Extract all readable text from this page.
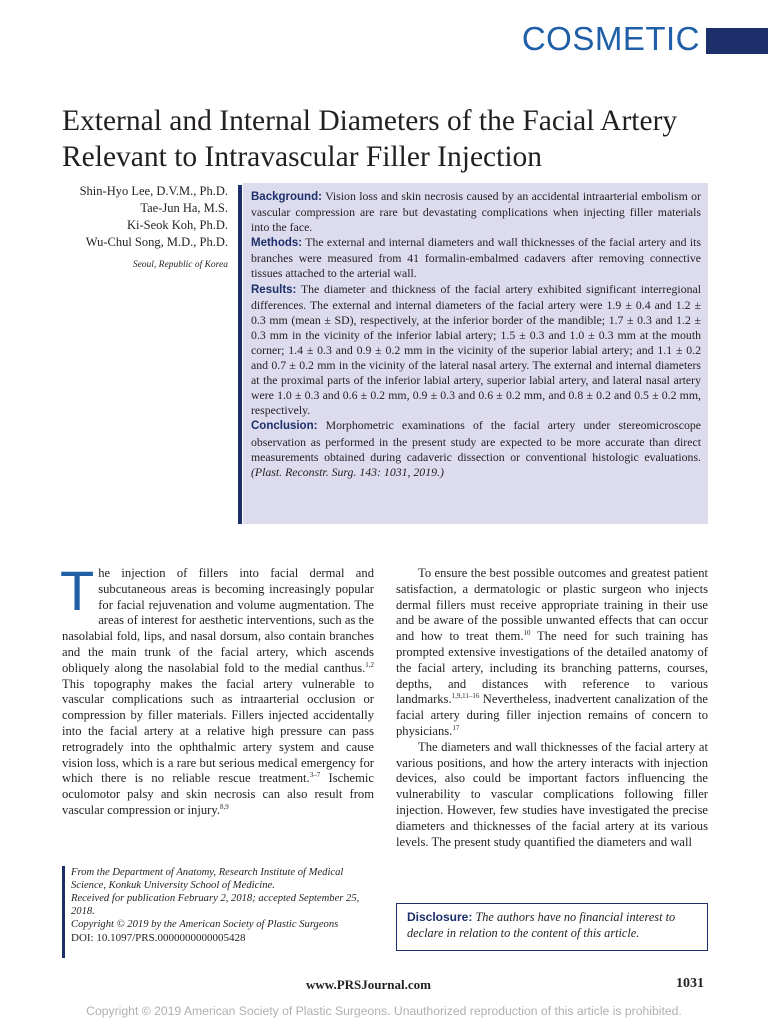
COSMETIC
External and Internal Diameters of the Facial Artery Relevant to Intravascular Filler Injection
Shin-Hyo Lee, D.V.M., Ph.D.
Tae-Jun Ha, M.S.
Ki-Seok Koh, Ph.D.
Wu-Chul Song, M.D., Ph.D.
Seoul, Republic of Korea

Background: Vision loss and skin necrosis caused by an accidental intraarterial embolism or vascular compression are rare but devastating complications when injecting filler materials into the face.

Methods: The external and internal diameters and wall thicknesses of the facial artery and its branches were measured from 41 formalin-embalmed cadavers after removing connective tissues attached to the arterial wall.

Results: The diameter and thickness of the facial artery exhibited significant interregional differences. The external and internal diameters of the facial artery were 1.9 ± 0.4 and 1.2 ± 0.3 mm (mean ± SD), respectively, at the inferior border of the mandible; 1.7 ± 0.3 and 1.2 ± 0.3 mm in the vicinity of the inferior labial artery; 1.5 ± 0.3 and 1.0 ± 0.3 mm at the mouth corner; 1.4 ± 0.3 and 0.9 ± 0.2 mm in the vicinity of the superior labial artery; and 1.1 ± 0.2 and 0.7 ± 0.2 mm in the vicinity of the lateral nasal artery. The external and internal diameters at the proximal parts of the inferior labial artery, superior labial artery, and lateral nasal artery were 1.0 ± 0.3 and 0.6 ± 0.2 mm, 0.9 ± 0.3 and 0.6 ± 0.2 mm, and 0.8 ± 0.2 and 0.5 ± 0.2 mm, respectively.

Conclusion: Morphometric examinations of the facial artery under stereomicroscope observation as performed in the present study are expected to be more accurate than direct measurements obtained during cadaveric dissection or conventional histologic evaluations. (Plast. Reconstr. Surg. 143: 1031, 2019.)

The injection of fillers into facial dermal and subcutaneous areas is becoming increasingly popular for facial rejuvenation and volume augmentation. The areas of interest for aesthetic interventions, such as the nasolabial fold, lips, and nasal dorsum, also contain branches and the main trunk of the facial artery, which ascends obliquely along the nasolabial fold to the medial canthus.$^{1,2}$ This topography makes the facial artery vulnerable to vascular complications such as intraarterial occlusion or compression by filler materials. Fillers injected accidentally into the facial artery at a relative high pressure can pass retrogradely into the ophthalmic artery system and cause vision loss, which is a rare but serious medical emergency for which there is no reliable rescue treatment.$^{3-7}$ Ischemic oculomotor palsy and skin necrosis can also result from vascular compression or injury.$^{8,9}$

To ensure the best possible outcomes and greatest patient satisfaction, a dermatologic or plastic surgeon who injects dermal fillers must receive appropriate training in their use and be aware of the possible unwanted effects that can occur and how to treat them.$^{10}$ The need for such training has prompted extensive investigations of the detailed anatomy of the facial artery, including its branching patterns, courses, depths, and distances with reference to various landmarks.$^{1,9,11-16}$ Nevertheless, inadvertent canalization of the facial artery during filler injection remains of concern to physicians.$^{17}$

The diameters and wall thicknesses of the facial artery at various positions, and how the artery interacts with injection devices, also could be important factors influencing the vulnerability to vascular complications following filler injection. However, few studies have investigated the precise diameters and thicknesses of the facial artery at its various levels. The present study quantified the diameters and wall

From the Department of Anatomy, Research Institute of Medical Science, Konkuk University School of Medicine.
Received for publication February 2, 2018; accepted September 25, 2018.
Copyright © 2019 by the American Society of Plastic Surgeons
DOI: 10.1097/PRS.0000000000005428
Disclosure: The authors have no financial interest to declare in relation to the content of this article.
www.PRSJournal.com	1031
Copyright © 2019 American Society of Plastic Surgeons. Unauthorized reproduction of this article is prohibited.
